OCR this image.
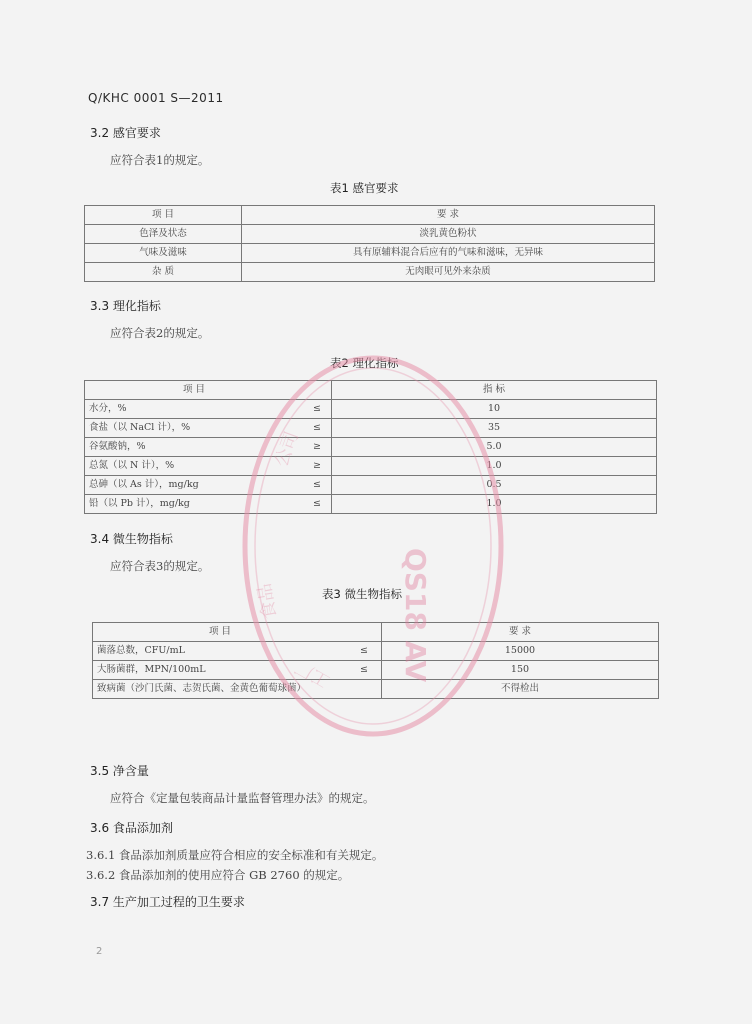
Q/KHC 0001 S—2011
3.2 感官要求
应符合表1的规定。
表1 感官要求
项 目	要 求
色泽及状态	淡乳黄色粉状
气味及滋味	具有原辅料混合后应有的气味和滋味，无异味
杂 质	无肉眼可见外来杂质
3.3 理化指标
应符合表2的规定。
表2 理化指标
项 目		指 标
水分，%	≤	10
食盐（以 NaCl 计），%	≤	35
谷氨酸钠，%	≥	5.0
总氮（以 N 计），%	≥	1.0
总砷（以 As 计），mg/kg	≤	0.5
铅（以 Pb 计），mg/kg	≤	1.0
3.4 微生物指标
应符合表3的规定。
表3 微生物指标
项 目		要 求
菌落总数，CFU/mL	≤	15000
大肠菌群，MPN/100mL	≤	150
致病菌（沙门氏菌、志贺氏菌、金黄色葡萄球菌）		不得检出
3.5 净含量
应符合《定量包装商品计量监督管理办法》的规定。
3.6 食品添加剂
3.6.1 食品添加剂质量应符合相应的安全标准和有关规定。
3.6.2 食品添加剂的使用应符合 GB 2760 的规定。
3.7 生产加工过程的卫生要求
2
QS18 AV
公司
食品
工厂
